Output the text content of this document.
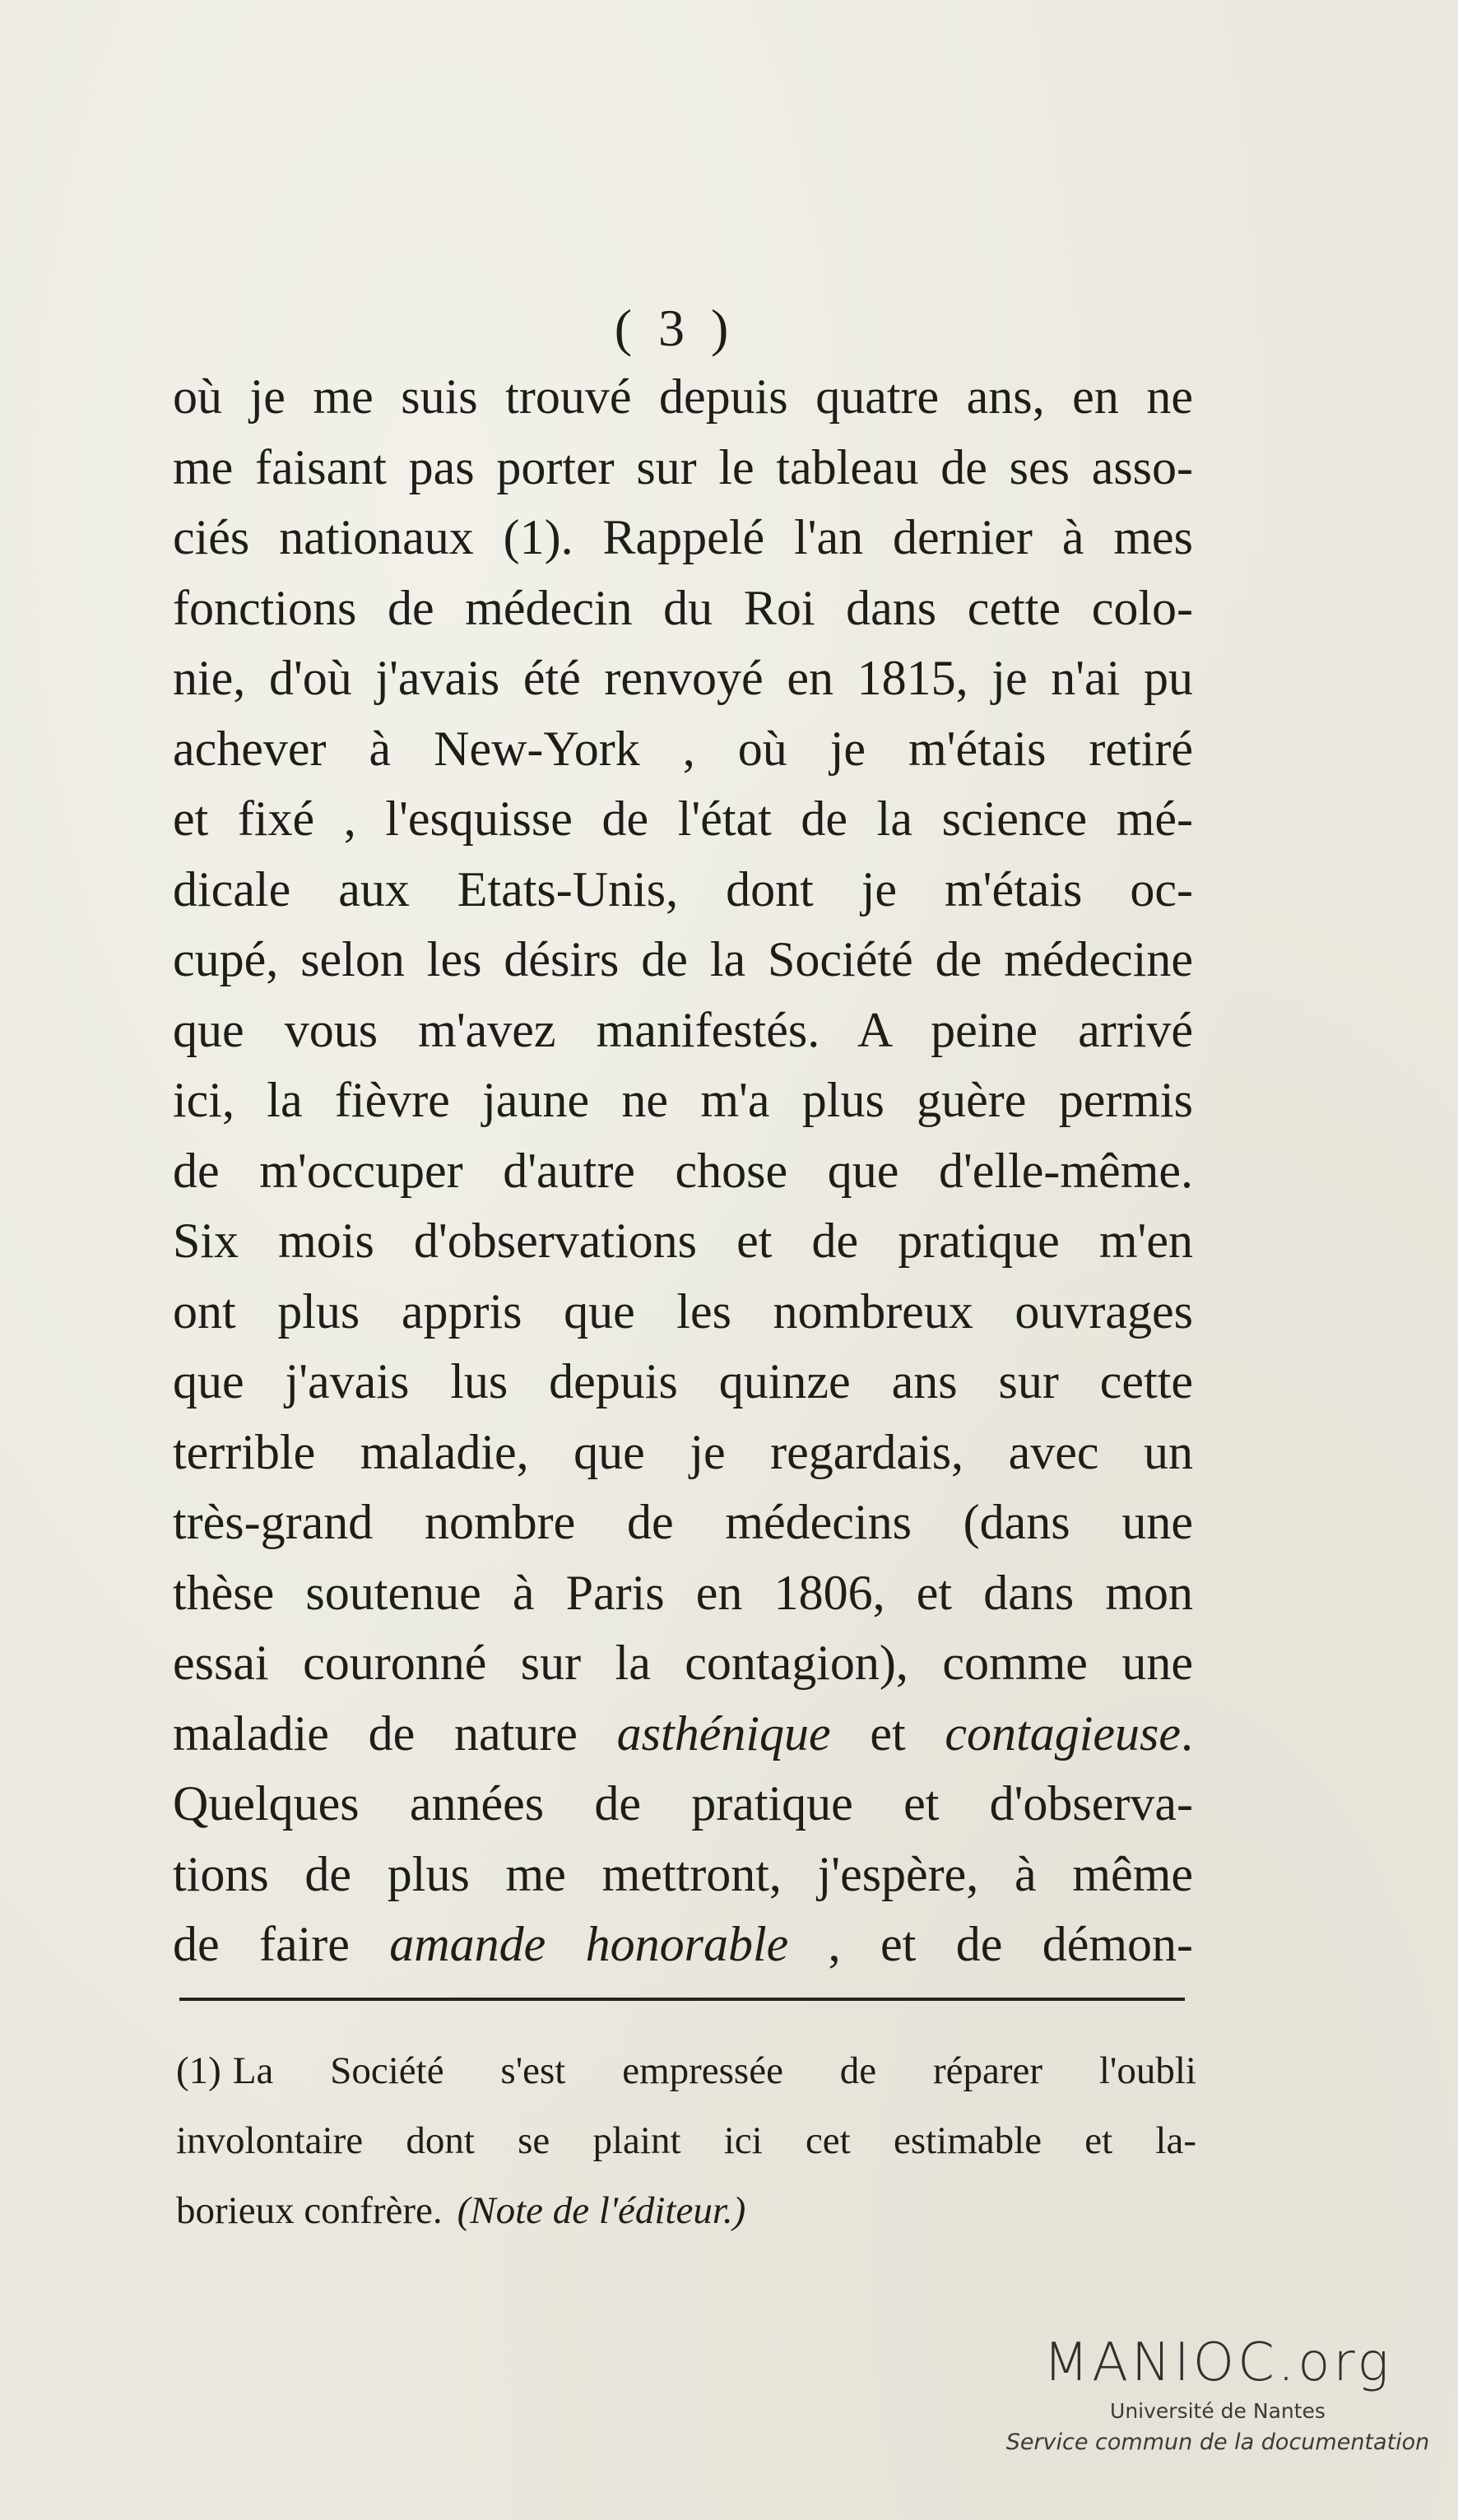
( 3 )
où je me suis trouvé depuis quatre ans, en ne
me faisant pas porter sur le tableau de ses asso-
ciés nationaux (1). Rappelé l'an dernier à mes
fonctions de médecin du Roi dans cette colo-
nie, d'où j'avais été renvoyé en 1815, je n'ai pu
achever à New-York , où je m'étais retiré
et fixé , l'esquisse de l'état de la science mé-
dicale aux Etats-Unis, dont je m'étais oc-
cupé, selon les désirs de la Société de médecine
que vous m'avez manifestés. A peine arrivé
ici, la fièvre jaune ne m'a plus guère permis
de m'occuper d'autre chose que d'elle-même.
Six mois d'observations et de pratique m'en
ont plus appris que les nombreux ouvrages
que j'avais lus depuis quinze ans sur cette
terrible maladie, que je regardais, avec un
très-grand nombre de médecins (dans une
thèse soutenue à Paris en 1806, et dans mon
essai couronné sur la contagion), comme une
maladie de nature asthénique et contagieuse.
Quelques années de pratique et d'observa-
tions de plus me mettront, j'espère, à même
de faire amande honorable , et de démon-
(1) La Société s'est empressée de réparer l'oubli
involontaire dont se plaint ici cet estimable et la-
borieux confrère. (Note de l'éditeur.)
MANIOC.org
Université de Nantes
Service commun de la documentation
